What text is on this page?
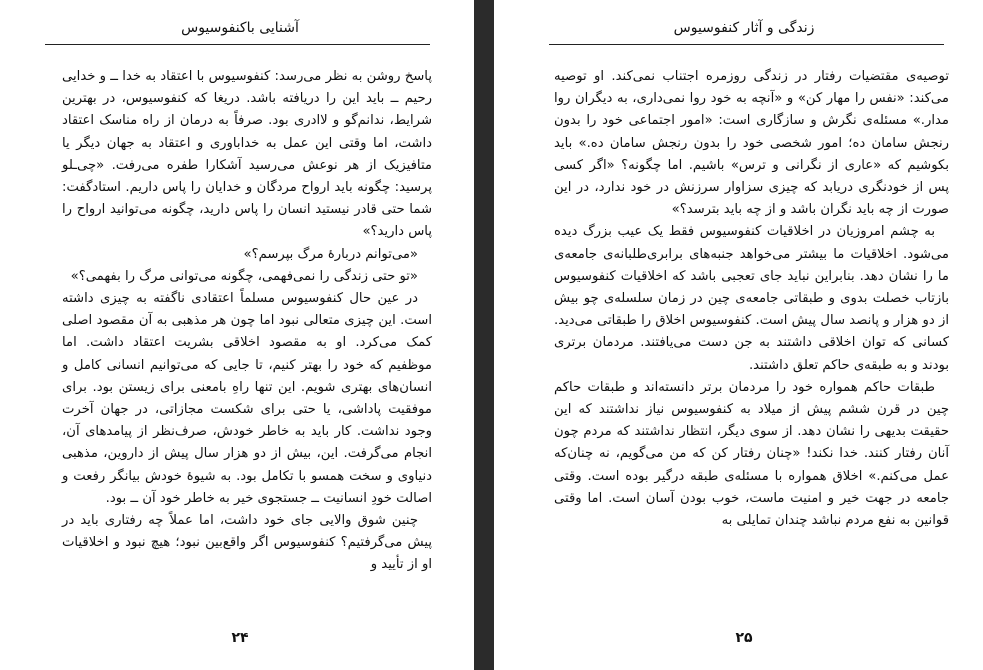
آشنایی باکنفوسیوس

پاسخ روشن به نظر می‌رسد: کنفوسیوس با اعتقاد به خدا ــ و خدایی رحیم ــ باید این را دریافته باشد. دریغا که کنفوسیوس، در بهترین شرایط، ندانم‌گو و لاادری بود. صرفاً به درمان از راه مناسک اعتقاد داشت، اما وقتی این عمل به خداباوری و اعتقاد به جهان دیگر یا متافیزیک از هر نوعش می‌رسید آشکارا طفره می‌رفت. «چی‌ـلو پرسید: چگونه باید ارواح مردگان و خدایان را پاس داریم. استادگفت: شما حتی قادر نیستید انسان را پاس دارید، چگونه می‌توانید ارواح را پاس دارید؟»

«می‌توانم دربارهٔ مرگ بپرسم؟»

«تو حتی زندگی را نمی‌فهمی، چگونه می‌توانی مرگ را بفهمی؟»

در عین حال کنفوسیوس مسلماً اعتقادی ناگفته به چیزی داشته است. این چیزی متعالی نبود اما چون هر مذهبی به آن مقصود اصلی کمک می‌کرد. او به مقصود اخلاقی بشریت اعتقاد داشت. اما موظفیم که خود را بهتر کنیم، تا جایی که می‌توانیم انسانی کامل و انسان‌های بهتری شویم. این تنها راهِ بامعنی برای زیستن بود. برای موفقیت پاداشی، یا حتی برای شکست مجازاتی، در جهان آخرت وجود نداشت. کار باید به خاطر خودش، صرف‌نظر از پیامدهای آن، انجام می‌گرفت. این، بیش از دو هزار سال پیش از داروین، مذهبی دنیاوی و سخت همسو با تکامل بود. به شیوهٔ خودش بیانگر رفعت و اصالت خودِ انسانیت ــ جستجوی خیر به خاطر خود آن ــ بود.

چنین شوق والایی جای خود داشت، اما عملاً چه رفتاری باید در پیش می‌گرفتیم؟ کنفوسیوس اگر واقع‌بین نبود؛ هیچ نبود و اخلاقیات او از تأیید و

۲۴
زندگی و آثار کنفوسیوس

توصیه‌ی مقتضیات رفتار در زندگی روزمره اجتناب نمی‌کند. او توصیه می‌کند: «نفس را مهار کن» و «آنچه به خود روا نمی‌داری، به دیگران روا مدار.» مسئله‌ی نگرش و سازگاری است: «امور اجتماعی خود را بدون رنجش سامان ده؛ امور شخصی خود را بدون رنجش سامان ده.» باید بکوشیم که «عاری از نگرانی و ترس» باشیم. اما چگونه؟ «اگر کسی پس از خودنگری دریابد که چیزی سزاوار سرزنش در خود ندارد، در این صورت از چه باید نگران باشد و از چه باید بترسد؟»

به چشم امروزیان در اخلاقیات کنفوسیوس فقط یک عیب بزرگ دیده می‌شود. اخلاقیات ما بیشتر می‌خواهد جنبه‌های برابری‌طلبانه‌ی جامعه‌ی ما را نشان دهد. بنابراین نباید جای تعجبی باشد که اخلاقیات کنفوسیوس بازتاب خصلت بدوی و طبقاتی جامعه‌ی چین در زمان سلسله‌ی چو بیش از دو هزار و پانصد سال پیش است. کنفوسیوس اخلاق را طبقاتی می‌دید. کسانی که توان اخلاقی داشتند به جن دست می‌یافتند. مردمان برتری بودند و به طبقه‌ی حاکم تعلق داشتند.

طبقات حاکم همواره خود را مردمان برتر دانسته‌اند و طبقات حاکم چین در قرن ششم پیش از میلاد به کنفوسیوس نیاز نداشتند که این حقیقت بدیهی را نشان دهد. از سوی دیگر، انتظار نداشتند که مردم چون آنان رفتار کنند. خدا نکند! «چنان رفتار کن که من می‌گویم، نه چنان‌که عمل می‌کنم.» اخلاق همواره با مسئله‌ی طبقه درگیر بوده است. وقتی جامعه در جهت خیر و امنیت ماست، خوب بودن آسان است. اما وقتی قوانین به نفع مردم نباشد چندان تمایلی به

۲۵
